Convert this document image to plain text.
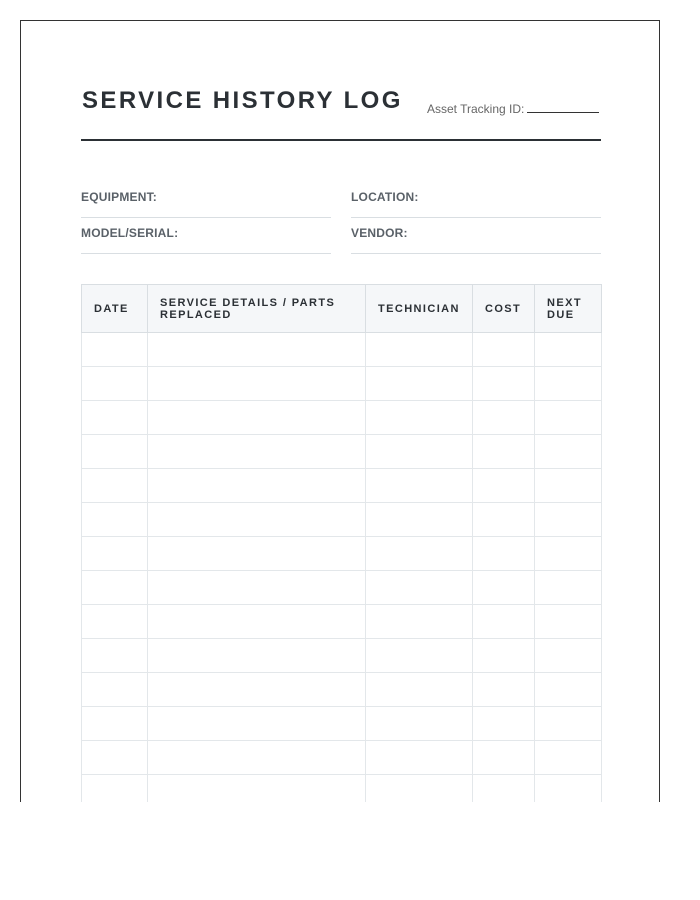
SERVICE HISTORY LOG Asset Tracking ID:
EQUIPMENT:	LOCATION:
MODEL/SERIAL:	VENDOR:
DATE	SERVICE DETAILS / PARTS REPLACED	TECHNICIAN	COST	NEXT DUE
